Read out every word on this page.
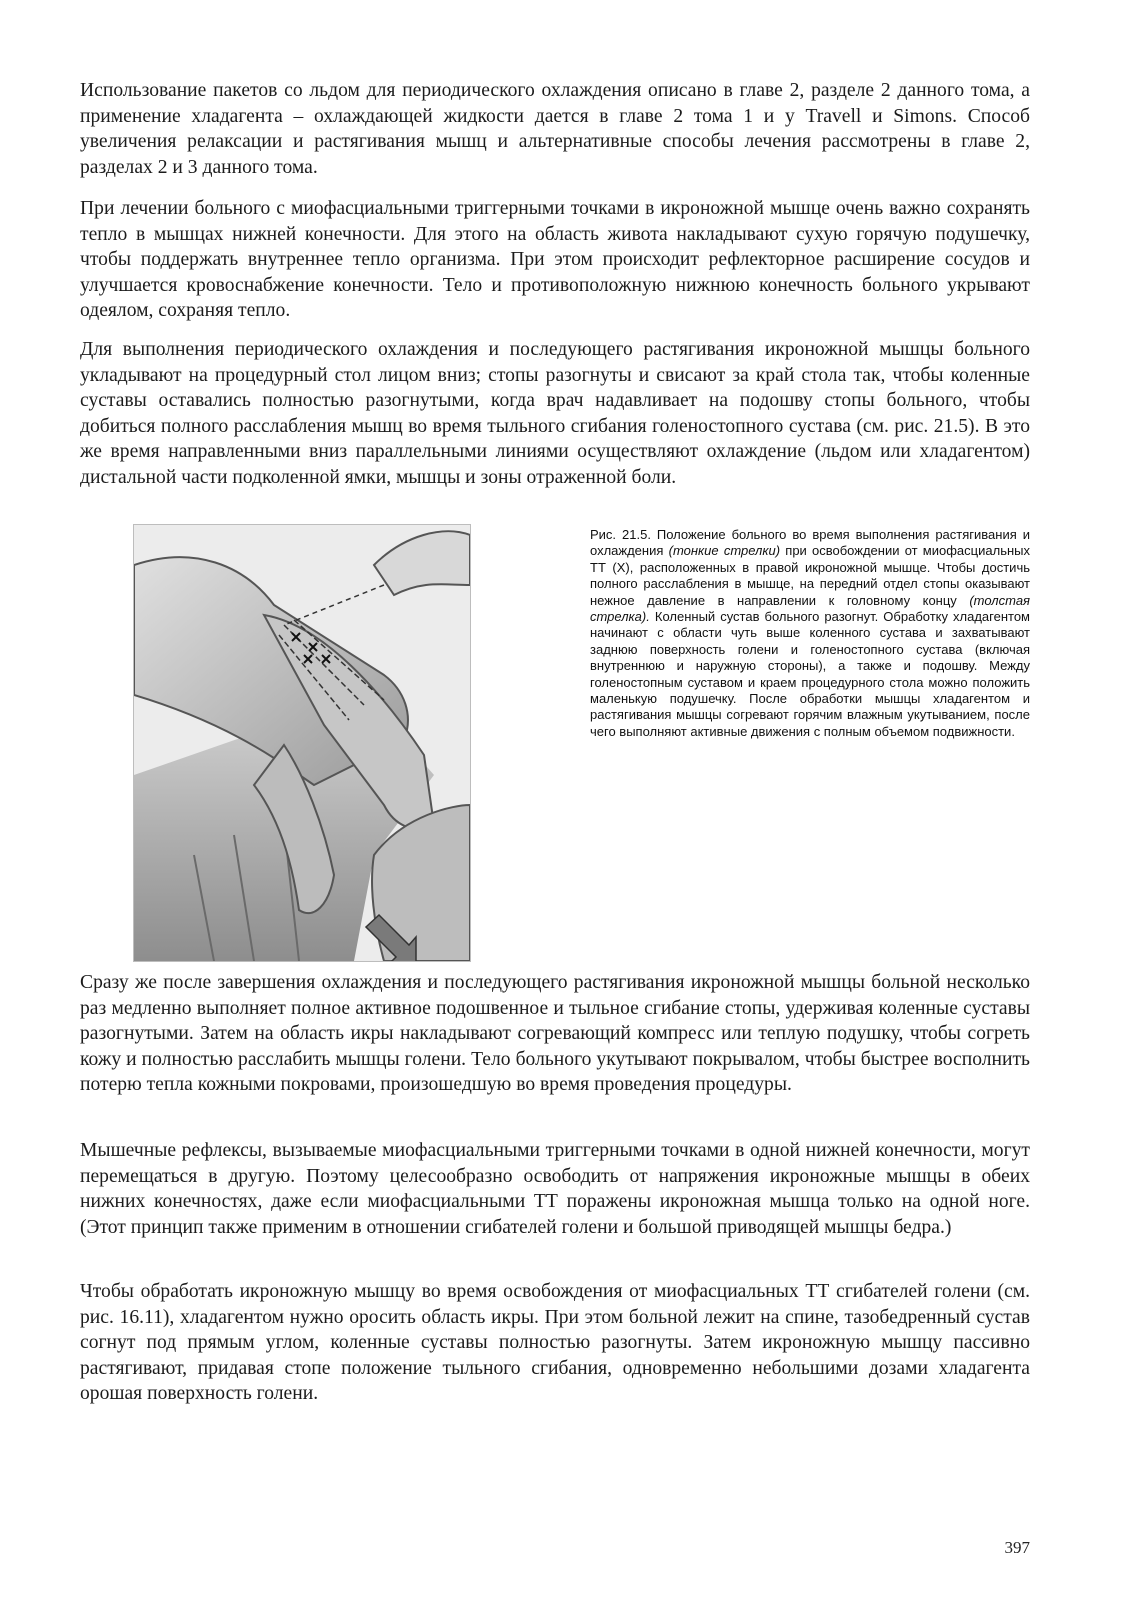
Использование пакетов со льдом для периодического охлаждения описано в главе 2, разделе 2 данного тома, а применение хладагента – охлаждающей жидкости дается в главе 2 тома 1 и у Travell и Simons. Способ увеличения релаксации и растягивания мышц и альтернативные способы лечения рассмотрены в главе 2, разделах 2 и 3 данного тома.

При лечении больного с миофасциальными триггерными точками в икроножной мышце очень важно сохранять тепло в мышцах нижней конечности. Для этого на область живота накладывают сухую горячую подушечку, чтобы поддержать внутреннее тепло организма. При этом происходит рефлекторное расширение сосудов и улучшается кровоснабжение конечности. Тело и противоположную нижнюю конечность больного укрывают одеялом, сохраняя тепло.

Для выполнения периодического охлаждения и последующего растягивания икроножной мышцы больного укладывают на процедурный стол лицом вниз; стопы разогнуты и свисают за край стола так, чтобы коленные суставы оставались полностью разогнутыми, когда врач надавливает на подошву стопы больного, чтобы добиться полного расслабления мышц во время тыльного сгибания голеностопного сустава (см. рис. 21.5). В это же время направленными вниз параллельными линиями осуществляют охлаждение (льдом или хладагентом) дистальной части подколенной ямки, мышцы и зоны отраженной боли.

Рис. 21.5. Положение больного во время выполнения растягивания и охлаждения (тонкие стрелки) при освобождении от миофасциальных ТТ (X), расположенных в правой икроножной мышце. Чтобы достичь полного расслабления в мышце, на передний отдел стопы оказывают нежное давление в направлении к головному концу (толстая стрелка). Коленный сустав больного разогнут. Обработку хладагентом начинают с области чуть выше коленного сустава и захватывают заднюю поверхность голени и голеностопного сустава (включая внутреннюю и наружную стороны), а также и подошву. Между голеностопным суставом и краем процедурного стола можно положить маленькую подушечку. После обработки мышцы хладагентом и растягивания мышцы согревают горячим влажным укутыванием, после чего выполняют активные движения с полным объемом подвижности.

Сразу же после завершения охлаждения и последующего растягивания икроножной мышцы больной несколько раз медленно выполняет полное активное подошвенное и тыльное сгибание стопы, удерживая коленные суставы разогнутыми. Затем на область икры накладывают согревающий компресс или теплую подушку, чтобы согреть кожу и полностью расслабить мышцы голени. Тело больного укутывают покрывалом, чтобы быстрее восполнить потерю тепла кожными покровами, произошедшую во время проведения процедуры.

Мышечные рефлексы, вызываемые миофасциальными триггерными точками в одной нижней конечности, могут перемещаться в другую. Поэтому целесообразно освободить от напряжения икроножные мышцы в обеих нижних конечностях, даже если миофасциальными ТТ поражены икроножная мышца только на одной ноге. (Этот принцип также применим в отношении сгибателей голени и большой приводящей мышцы бедра.)

Чтобы обработать икроножную мышцу во время освобождения от миофасциальных ТТ сгибателей голени (см. рис. 16.11), хладагентом нужно оросить область икры. При этом больной лежит на спине, тазобедренный сустав согнут под прямым углом, коленные суставы полностью разогнуты. Затем икроножную мышцу пассивно растягивают, придавая стопе положение тыльного сгибания, одновременно небольшими дозами хладагента орошая поверхность голени.

397
